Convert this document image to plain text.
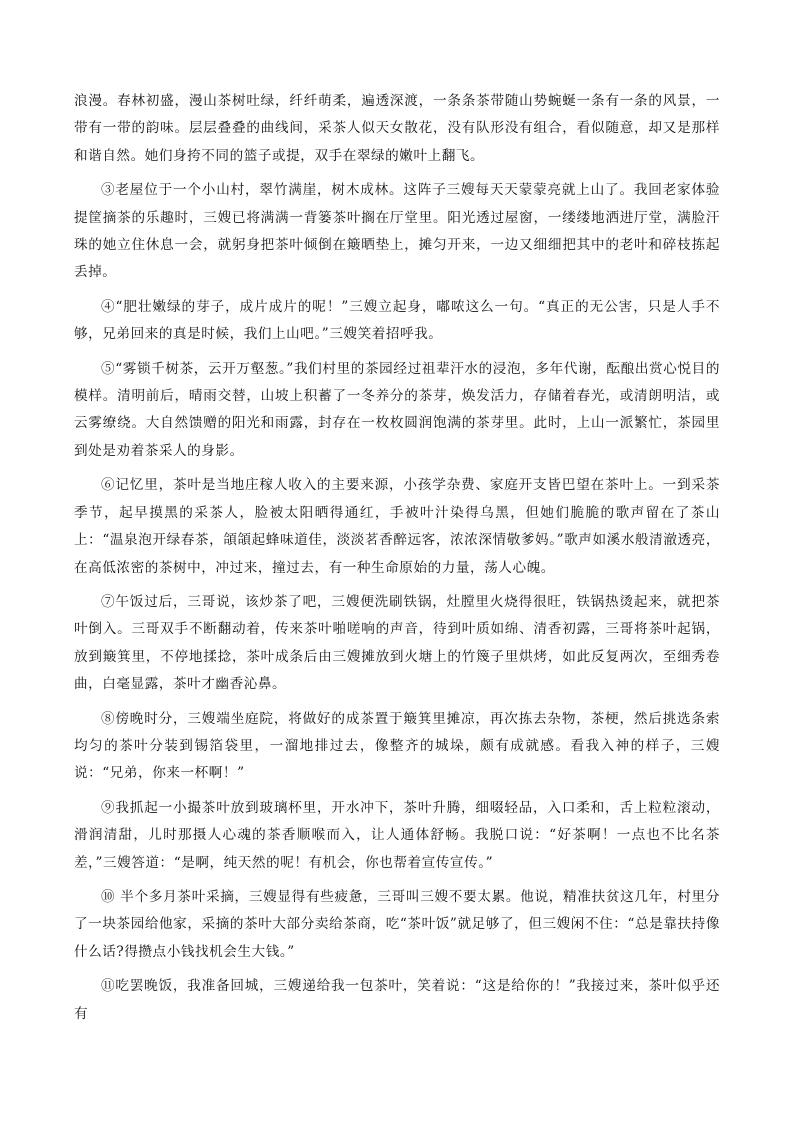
浪漫。春林初盛，漫山茶树吐绿，纤纤萌柔，遍透深渡，一条条茶带随山势蜿蜒一条有一条的风景，一带有一带的韵味。层层叠叠的曲线间，采茶人似天女散花，没有队形没有组合，看似随意，却又是那样和谐自然。她们身挎不同的篮子或提，双手在翠绿的嫩叶上翻飞。

③老屋位于一个小山村，翠竹满崖，树木成林。这阵子三嫂每天天蒙蒙亮就上山了。我回老家体验提筐摘茶的乐趣时，三嫂已将满满一背篓茶叶搁在厅堂里。阳光透过屋窗，一缕缕地洒进厅堂，满脸汗珠的她立住休息一会，就躬身把茶叶倾倒在簸晒垫上，摊匀开来，一边又细细把其中的老叶和碎枝拣起丢掉。

④“肥壮嫩绿的芽子，成片成片的呢！”三嫂立起身，嘟哝这么一句。“真正的无公害，只是人手不够，兄弟回来的真是时候，我们上山吧。”三嫂笑着招呼我。

⑤“雾锁千树茶，云开万壑葱。”我们村里的茶园经过祖辈汗水的浸泡，多年代谢，酝酿出赏心悦目的模样。清明前后，晴雨交替，山坡上积蓄了一冬养分的茶芽，焕发活力，存储着春光，或清朗明洁，或云雾缭绕。大自然馈赠的阳光和雨露，封存在一枚枚圆润饱满的茶芽里。此时，上山一派繁忙，茶园里到处是劝着茶采人的身影。

⑥记忆里，茶叶是当地庄稼人收入的主要来源，小孩学杂费、家庭开支皆巴望在茶叶上。一到采茶季节，起早摸黑的采茶人，脸被太阳晒得通红，手被叶汁染得乌黑，但她们脆脆的歌声留在了茶山上：“温泉泡开绿春茶，頜頜起蜂味道佳，淡淡茗香醉远客，浓浓深情敬爹妈。”歌声如溪水般清澈透亮，在高低浓密的茶树中，冲过来，撞过去，有一种生命原始的力量，荡人心魄。

⑦午饭过后，三哥说，该炒茶了吧，三嫂便洗刷铁锅，灶膛里火烧得很旺，铁锅热烫起来，就把茶叶倒入。三哥双手不断翻动着，传来茶叶啪嗟响的声音，待到叶质如绵、清香初露，三哥将茶叶起锅，放到簸箕里，不停地揉捻，茶叶成条后由三嫂摊放到火塘上的竹篾子里烘烤，如此反复两次，至细秀卷曲，白毫显露，茶叶才幽香沁鼻。

⑧傍晚时分，三嫂端坐庭院，将做好的成茶置于簸箕里摊凉，再次拣去杂物，茶梗，然后挑选条索均匀的茶叶分装到锡箔袋里，一溜地排过去，像整齐的城垛，颇有成就感。看我入神的样子，三嫂说：“兄弟，你来一杯啊！”

⑨我抓起一小撮茶叶放到玻璃杯里，开水冲下，茶叶升腾，细啜轻品，入口柔和，舌上粒粒滚动，滑润清甜，儿时那摄人心魂的茶香顺喉而入，让人通体舒畅。我脱口说：“好茶啊！一点也不比名茶差，”三嫂答道：“是啊，纯天然的呢！有机会，你也帮着宣传宣传。”

⑩ 半个多月茶叶采摘，三嫂显得有些疲惫，三哥叫三嫂不要太累。他说，精准扶贫这几年，村里分了一块茶园给他家，采摘的茶叶大部分卖给茶商，吃“茶叶饭”就足够了，但三嫂闲不住：“总是靠扶持像什么话?得攒点小钱找机会生大钱。”

⑪吃罢晚饭，我准备回城，三嫂递给我一包茶叶，笑着说：“这是给你的！”我接过来，茶叶似乎还有
